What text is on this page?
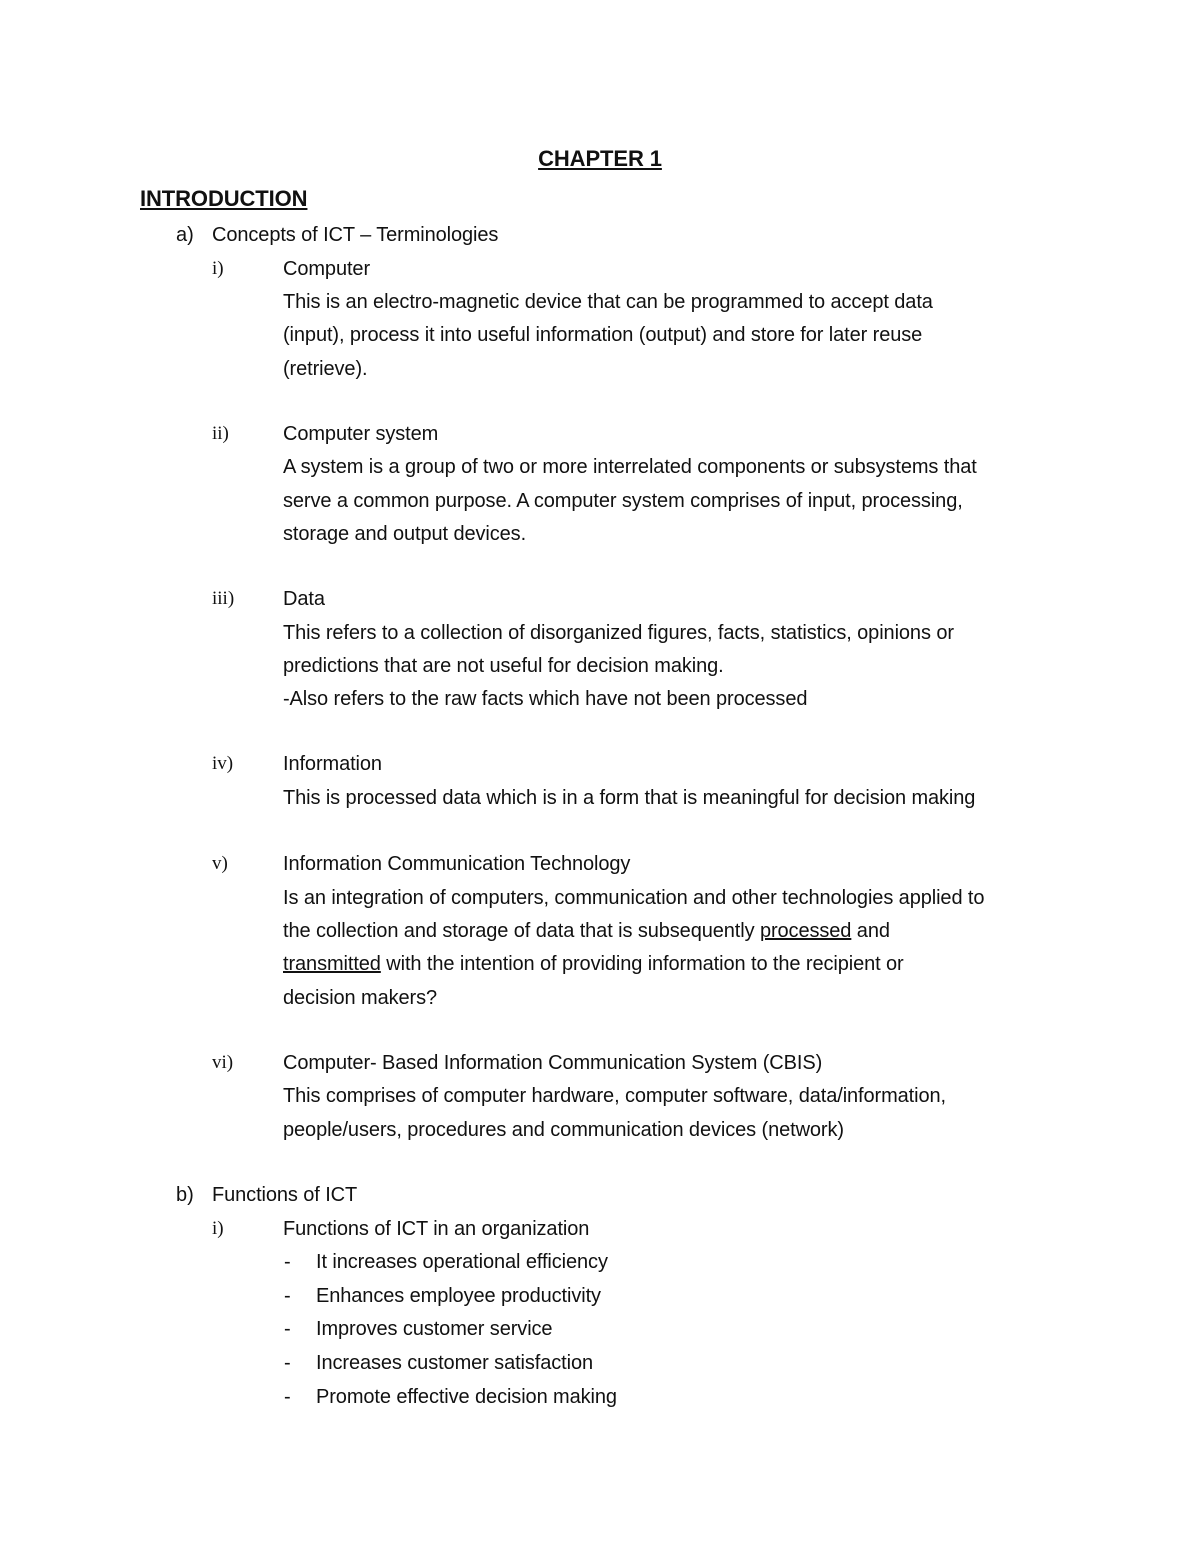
CHAPTER 1
INTRODUCTION
a) Concepts of ICT – Terminologies
i)	Computer
This is an electro-magnetic device that can be programmed to accept data
(input), process it into useful information (output) and store for later reuse
(retrieve).
ii)	Computer system
A system is a group of two or more interrelated components or subsystems that
serve a common purpose. A computer system comprises of input, processing,
storage and output devices.
iii) Data
This refers to a collection of disorganized figures, facts, statistics, opinions or
predictions that are not useful for decision making.
-Also refers to the raw facts which have not been processed
iv) Information
This is processed data which is in a form that is meaningful for decision making
v)	Information Communication Technology
Is an integration of computers, communication and other technologies applied to
the collection and storage of data that is subsequently processed and
transmitted with the intention of providing information to the recipient or
decision makers?
vi) Computer- Based Information Communication System (CBIS)
This comprises of computer hardware, computer software, data/information,
people/users, procedures and communication devices (network)
b) Functions of ICT
i)	Functions of ICT in an organization
- It increases operational efficiency
- Enhances employee productivity
- Improves customer service
- Increases customer satisfaction
- Promote effective decision making
